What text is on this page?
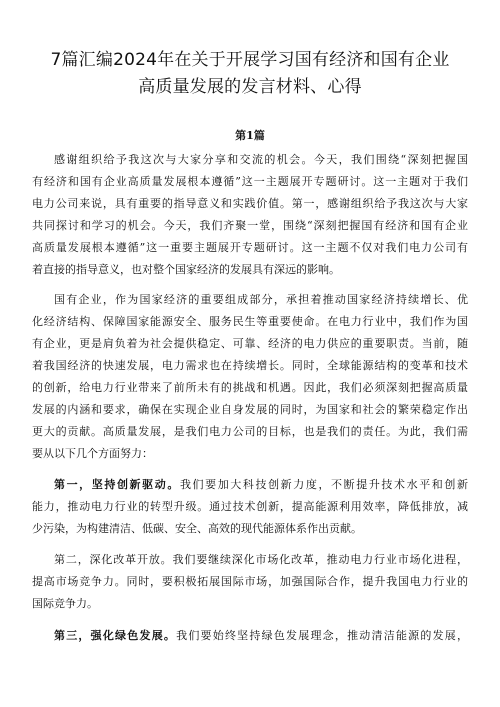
7篇汇编2024年在关于开展学习国有经济和国有企业
高质量发展的发言材料、心得
第1篇

感谢组织给予我这次与大家分享和交流的机会。今天，我们围绕“深刻把握国

有经济和国有企业高质量发展根本遵循”这一主题展开专题研讨。这一主题对于我们

电力公司来说，具有重要的指导意义和实践价值。第一，感谢组织给予我这次与大家

共同探讨和学习的机会。今天，我们齐聚一堂，围绕“深刻把握国有经济和国有企业

高质量发展根本遵循”这一重要主题展开专题研讨。这一主题不仅对我们电力公司有

着直接的指导意义，也对整个国家经济的发展具有深远的影响。

国有企业，作为国家经济的重要组成部分，承担着推动国家经济持续增长、优

化经济结构、保障国家能源安全、服务民生等重要使命。在电力行业中，我们作为国

有企业，更是肩负着为社会提供稳定、可靠、经济的电力供应的重要职责。当前，随

着我国经济的快速发展，电力需求也在持续增长。同时，全球能源结构的变革和技术

的创新，给电力行业带来了前所未有的挑战和机遇。因此，我们必须深刻把握高质量

发展的内涵和要求，确保在实现企业自身发展的同时，为国家和社会的繁荣稳定作出

更大的贡献。高质量发展，是我们电力公司的目标，也是我们的责任。为此，我们需

要从以下几个方面努力：

第一，坚持创新驱动。我们要加大科技创新力度，不断提升技术水平和创新

能力，推动电力行业的转型升级。通过技术创新，提高能源利用效率，降低排放，减

少污染，为构建清洁、低碳、安全、高效的现代能源体系作出贡献。

第二，深化改革开放。我们要继续深化市场化改革，推动电力行业市场化进程，

提高市场竞争力。同时，要积极拓展国际市场，加强国际合作，提升我国电力行业的

国际竞争力。

第三，强化绿色发展。我们要始终坚持绿色发展理念，推动清洁能源的发展，
